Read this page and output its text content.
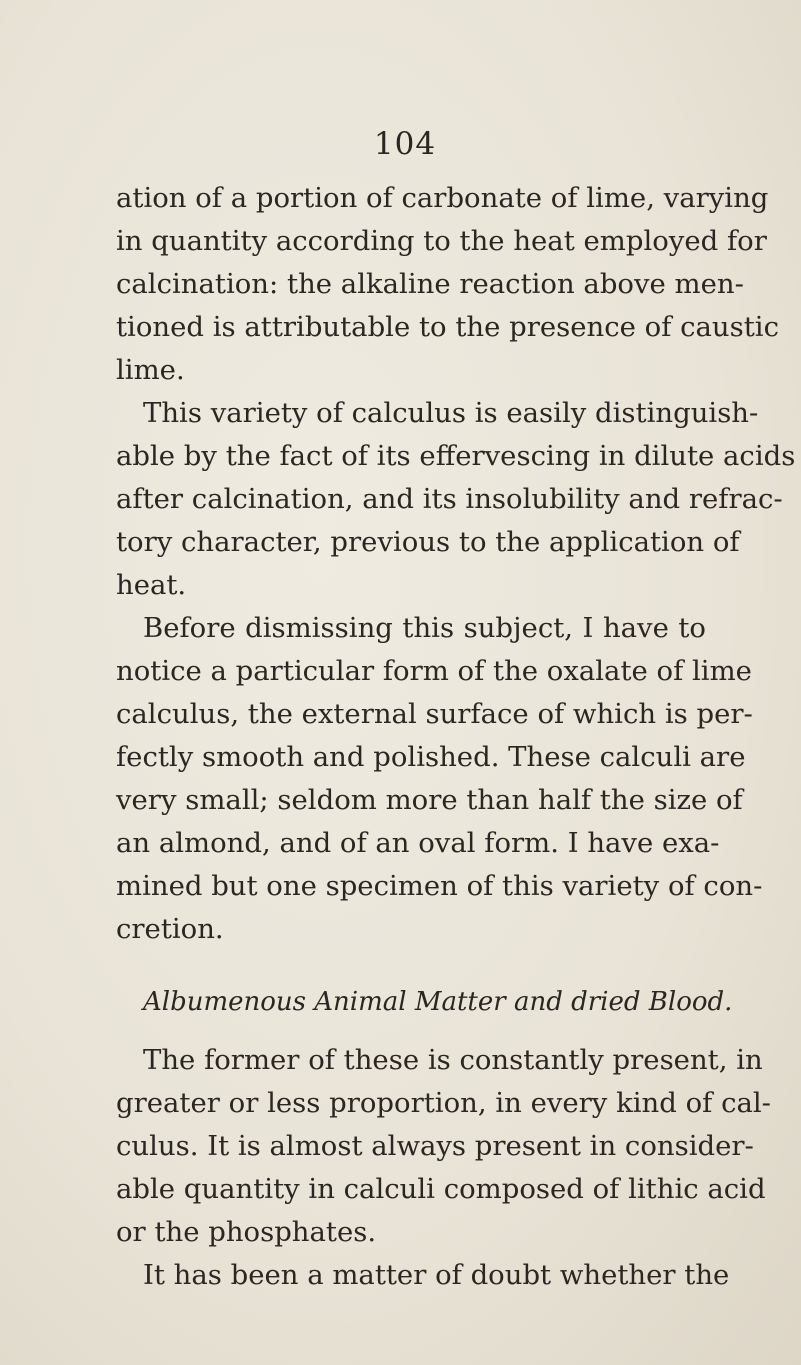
104
ation of a portion of carbonate of lime, varying
in quantity according to the heat employed for
calcination: the alkaline reaction above men-
tioned is attributable to the presence of caustic
lime.
This variety of calculus is easily distinguish-
able by the fact of its effervescing in dilute acids
after calcination, and its insolubility and refrac-
tory character, previous to the application of
heat.
Before dismissing this subject, I have to
notice a particular form of the oxalate of lime
calculus, the external surface of which is per-
fectly smooth and polished. These calculi are
very small; seldom more than half the size of
an almond, and of an oval form. I have exa-
mined but one specimen of this variety of con-
cretion.
Albumenous Animal Matter and dried Blood.
The former of these is constantly present, in
greater or less proportion, in every kind of cal-
culus. It is almost always present in consider-
able quantity in calculi composed of lithic acid
or the phosphates.
It has been a matter of doubt whether the
